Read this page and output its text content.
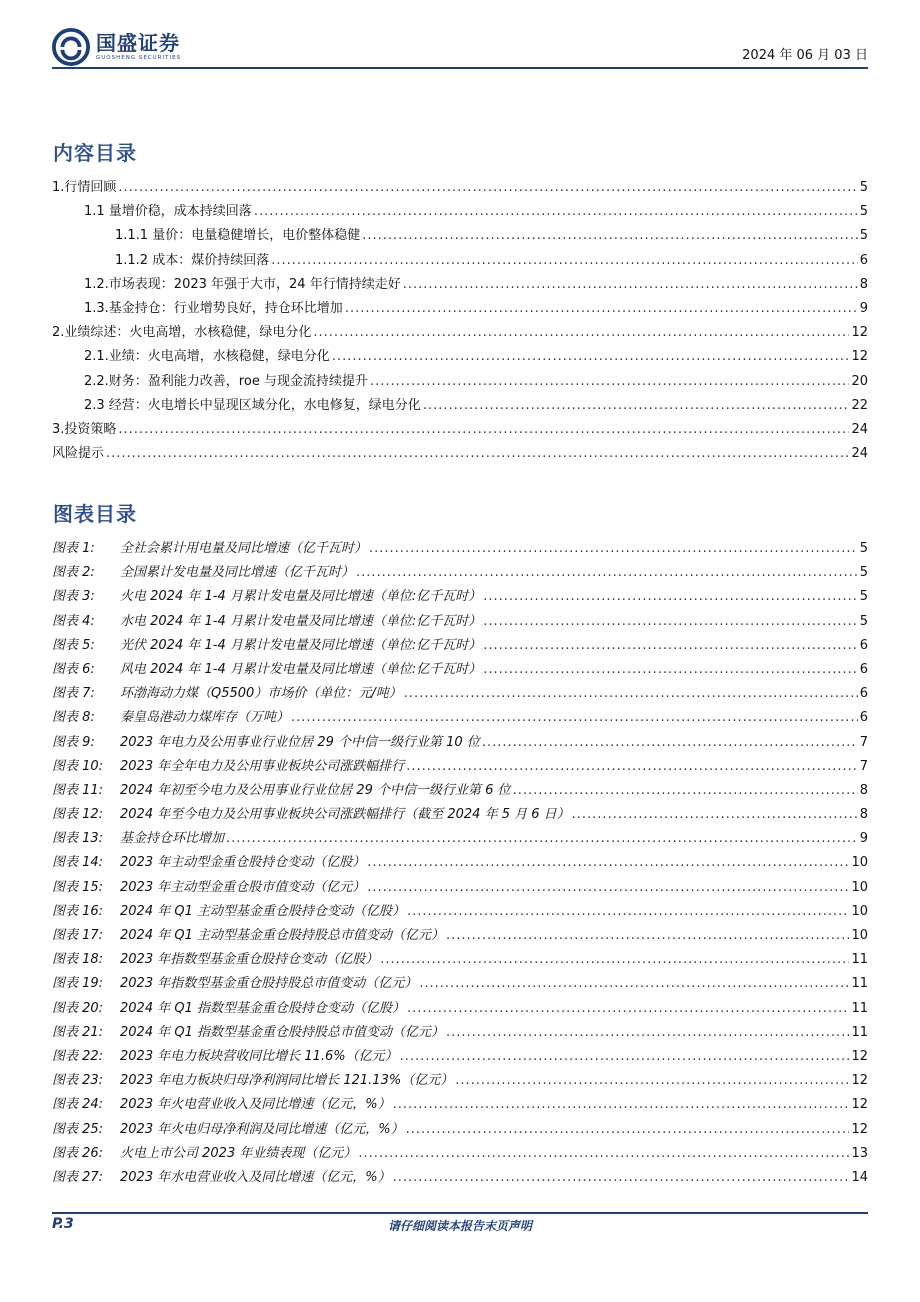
国盛证券
GUOSHENG SECURITIES	2024 年 06 月 03 日
内容目录
1.行情回顾 .....	5
1.1 量增价稳，成本持续回落 .....	5
1.1.1 量价：电量稳健增长，电价整体稳健 .....	5
1.1.2 成本：煤价持续回落 .....	6
1.2.市场表现：2023 年强于大市，24 年行情持续走好 .....	8
1.3.基金持仓：行业增势良好，持仓环比增加 .....	9
2.业绩综述：火电高增，水核稳健，绿电分化 .....	12
2.1.业绩：火电高增，水核稳健，绿电分化 .....	12
2.2.财务：盈利能力改善，roe 与现金流持续提升 .....	20
2.3 经营：火电增长中显现区域分化，水电修复，绿电分化 .....	22
3.投资策略 .....	24
风险提示 .....	24
图表目录
图表 1: 全社会累计用电量及同比增速（亿千瓦时） .....	5
图表 2: 全国累计发电量及同比增速（亿千瓦时） .....	5
图表 3: 火电 2024 年 1-4 月累计发电量及同比增速（单位:亿千瓦时） .....	5
图表 4: 水电 2024 年 1-4 月累计发电量及同比增速（单位:亿千瓦时） .....	5
图表 5: 光伏 2024 年 1-4 月累计发电量及同比增速（单位:亿千瓦时） .....	6
图表 6: 风电 2024 年 1-4 月累计发电量及同比增速（单位:亿千瓦时） .....	6
图表 7: 环渤海动力煤（Q5500）市场价（单位：元/吨） .....	6
图表 8: 秦皇岛港动力煤库存（万吨） .....	6
图表 9: 2023 年电力及公用事业行业位居 29 个中信一级行业第 10 位 .....	7
图表 10: 2023 年全年电力及公用事业板块公司涨跌幅排行 .....	7
图表 11: 2024 年初至今电力及公用事业行业位居 29 个中信一级行业第 6 位 .....	8
图表 12: 2024 年至今电力及公用事业板块公司涨跌幅排行（截至 2024 年 5 月 6 日） .....	8
图表 13: 基金持仓环比增加 .....	9
图表 14: 2023 年主动型金重仓股持仓变动（亿股） .....	10
图表 15: 2023 年主动型金重仓股市值变动（亿元） .....	10
图表 16: 2024 年 Q1 主动型基金重仓股持仓变动（亿股） .....	10
图表 17: 2024 年 Q1 主动型基金重仓股持股总市值变动（亿元） .....	10
图表 18: 2023 年指数型基金重仓股持仓变动（亿股） .....	11
图表 19: 2023 年指数型基金重仓股持股总市值变动（亿元） .....	11
图表 20: 2024 年 Q1 指数型基金重仓股持仓变动（亿股） .....	11
图表 21: 2024 年 Q1 指数型基金重仓股持股总市值变动（亿元） .....	11
图表 22: 2023 年电力板块营收同比增长 11.6%（亿元） .....	12
图表 23: 2023 年电力板块归母净利润同比增长 121.13%（亿元） .....	12
图表 24: 2023 年火电营业收入及同比增速（亿元，%） .....	12
图表 25: 2023 年火电归母净利润及同比增速（亿元，%） .....	12
图表 26: 火电上市公司 2023 年业绩表现（亿元） .....	13
图表 27: 2023 年水电营业收入及同比增速（亿元，%） .....	14
请仔细阅读本报告末页声明
P.3
